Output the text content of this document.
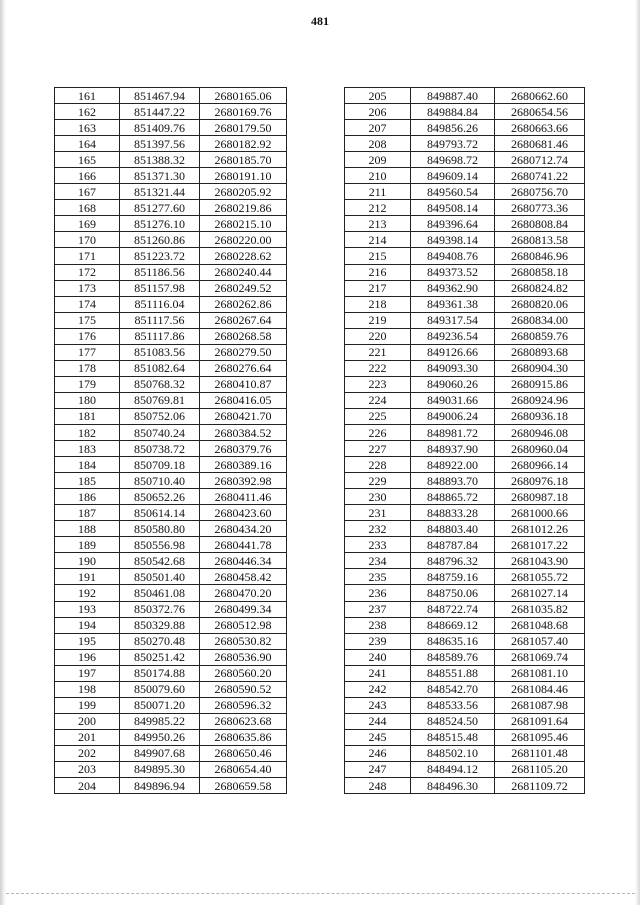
481
161	851467.94	2680165.06
162	851447.22	2680169.76
163	851409.76	2680179.50
164	851397.56	2680182.92
165	851388.32	2680185.70
166	851371.30	2680191.10
167	851321.44	2680205.92
168	851277.60	2680219.86
169	851276.10	2680215.10
170	851260.86	2680220.00
171	851223.72	2680228.62
172	851186.56	2680240.44
173	851157.98	2680249.52
174	851116.04	2680262.86
175	851117.56	2680267.64
176	851117.86	2680268.58
177	851083.56	2680279.50
178	851082.64	2680276.64
179	850768.32	2680410.87
180	850769.81	2680416.05
181	850752.06	2680421.70
182	850740.24	2680384.52
183	850738.72	2680379.76
184	850709.18	2680389.16
185	850710.40	2680392.98
186	850652.26	2680411.46
187	850614.14	2680423.60
188	850580.80	2680434.20
189	850556.98	2680441.78
190	850542.68	2680446.34
191	850501.40	2680458.42
192	850461.08	2680470.20
193	850372.76	2680499.34
194	850329.88	2680512.98
195	850270.48	2680530.82
196	850251.42	2680536.90
197	850174.88	2680560.20
198	850079.60	2680590.52
199	850071.20	2680596.32
200	849985.22	2680623.68
201	849950.26	2680635.86
202	849907.68	2680650.46
203	849895.30	2680654.40
204	849896.94	2680659.58
205	849887.40	2680662.60
206	849884.84	2680654.56
207	849856.26	2680663.66
208	849793.72	2680681.46
209	849698.72	2680712.74
210	849609.14	2680741.22
211	849560.54	2680756.70
212	849508.14	2680773.36
213	849396.64	2680808.84
214	849398.14	2680813.58
215	849408.76	2680846.96
216	849373.52	2680858.18
217	849362.90	2680824.82
218	849361.38	2680820.06
219	849317.54	2680834.00
220	849236.54	2680859.76
221	849126.66	2680893.68
222	849093.30	2680904.30
223	849060.26	2680915.86
224	849031.66	2680924.96
225	849006.24	2680936.18
226	848981.72	2680946.08
227	848937.90	2680960.04
228	848922.00	2680966.14
229	848893.70	2680976.18
230	848865.72	2680987.18
231	848833.28	2681000.66
232	848803.40	2681012.26
233	848787.84	2681017.22
234	848796.32	2681043.90
235	848759.16	2681055.72
236	848750.06	2681027.14
237	848722.74	2681035.82
238	848669.12	2681048.68
239	848635.16	2681057.40
240	848589.76	2681069.74
241	848551.88	2681081.10
242	848542.70	2681084.46
243	848533.56	2681087.98
244	848524.50	2681091.64
245	848515.48	2681095.46
246	848502.10	2681101.48
247	848494.12	2681105.20
248	848496.30	2681109.72
